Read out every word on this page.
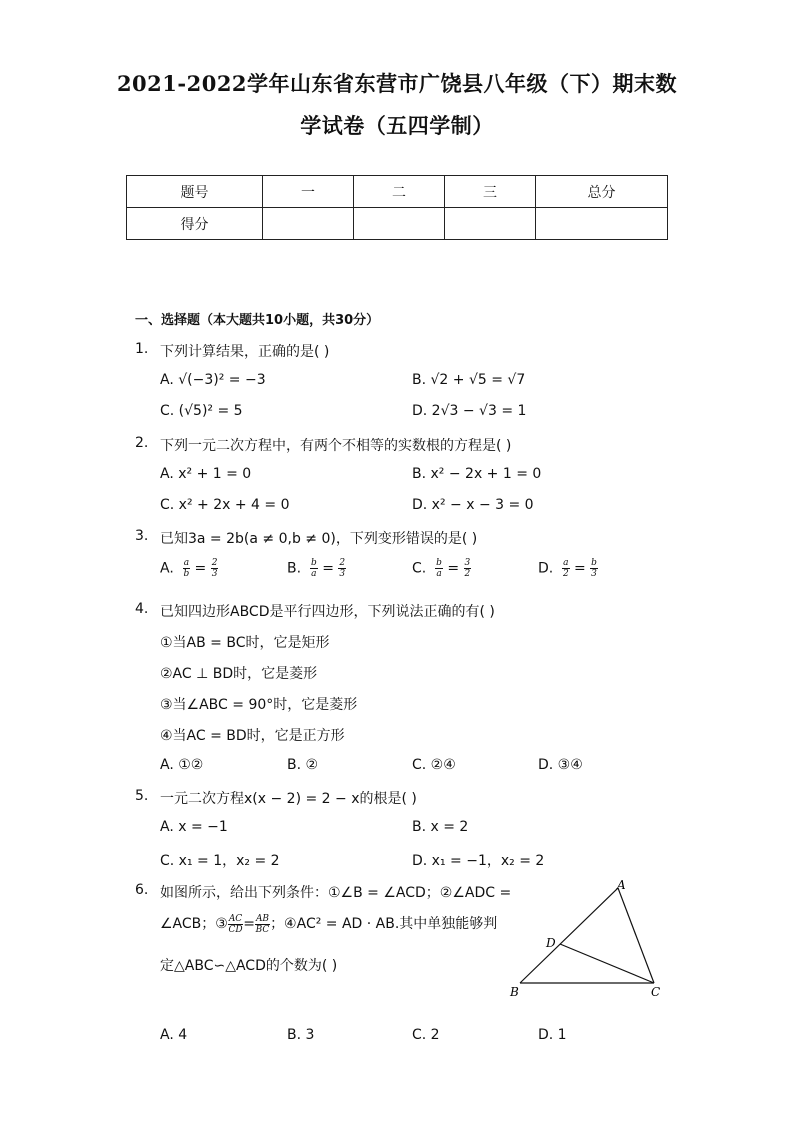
2021-2022学年山东省东营市广饶县八年级（下）期末数
学试卷（五四学制）
题号	一	二	三	总分
得分				
一、选择题（本大题共10小题，共30分）
1. 下列计算结果，正确的是( )
A. √(−3)² = −3	B. √2 + √5 = √7
C. (√5)² = 5	D. 2√3 − √3 = 1
2. 下列一元二次方程中，有两个不相等的实数根的方程是( )
A. x² + 1 = 0	B. x² − 2x + 1 = 0
C. x² + 2x + 4 = 0	D. x² − x − 3 = 0
3. 已知3a = 2b(a ≠ 0,b ≠ 0)，下列变形错误的是( )
A. $\frac{a}{b} = \frac{2}{3}$	B. $\frac{b}{a} = \frac{2}{3}$	C. $\frac{b}{a} = \frac{3}{2}$	D. $\frac{a}{2} = \frac{b}{3}$
4. 已知四边形ABCD是平行四边形，下列说法正确的有( )
①当AB = BC时，它是矩形
②AC ⊥ BD时，它是菱形
③当∠ABC = 90°时，它是菱形
④当AC = BD时，它是正方形
A. ①②	B. ②	C. ②④	D. ③④
5. 一元二次方程x(x − 2) = 2 − x的根是( )
A. x = −1	B. x = 2
C. x₁ = 1，x₂ = 2	D. x₁ = −1，x₂ = 2
6. 如图所示，给出下列条件：①∠B = ∠ACD；②∠ADC =
∠ACB；③ $\frac{AC}{CD} = \frac{AB}{BC}$ ；④AC² = AD · AB.其中单独能够判
定△ABC∽△ACD的个数为( )
A
B	C
D
A. 4	B. 3	C. 2	D. 1
